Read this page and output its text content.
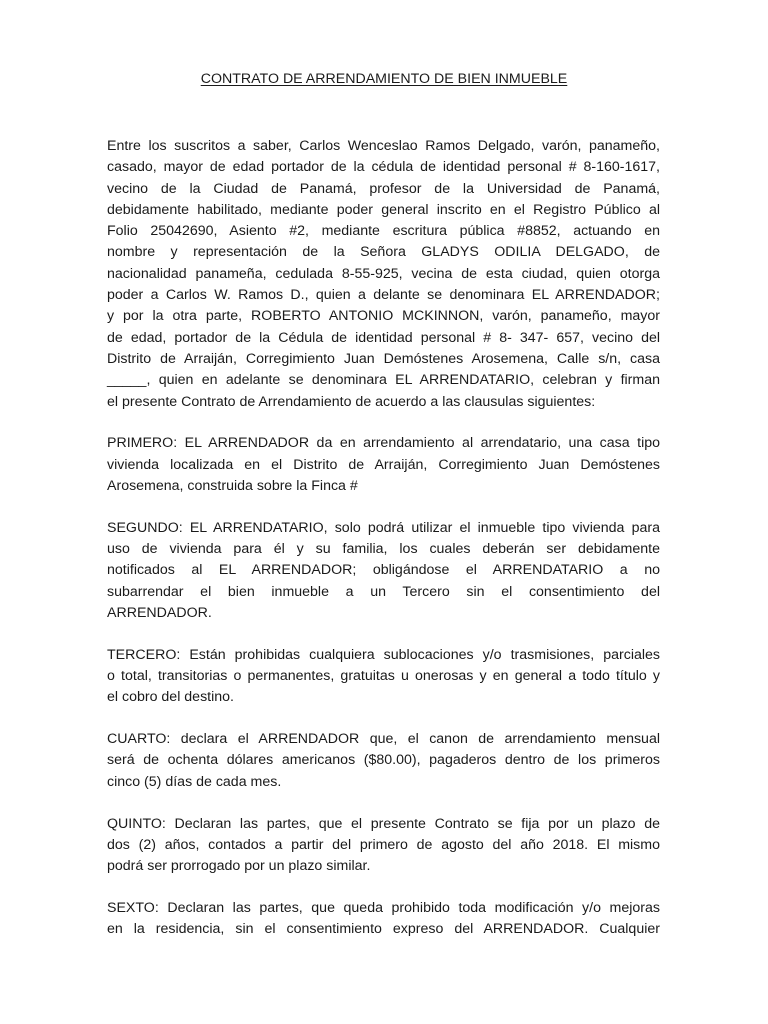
CONTRATO DE ARRENDAMIENTO DE BIEN INMUEBLE
Entre los suscritos a saber, Carlos Wenceslao Ramos Delgado, varón, panameño,
casado, mayor de edad portador de la cédula de identidad personal # 8-160-1617,
vecino de la Ciudad de Panamá, profesor de la Universidad de Panamá,
debidamente habilitado, mediante poder general inscrito en el Registro Público al
Folio 25042690, Asiento #2, mediante escritura pública #8852, actuando en
nombre y representación de la Señora GLADYS ODILIA DELGADO, de
nacionalidad panameña, cedulada 8-55-925, vecina de esta ciudad, quien otorga
poder a Carlos W. Ramos D., quien a delante se denominara EL ARRENDADOR;
y por la otra parte, ROBERTO ANTONIO MCKINNON, varón, panameño, mayor
de edad, portador de la Cédula de identidad personal # 8- 347- 657, vecino del
Distrito de Arraiján, Corregimiento Juan Demóstenes Arosemena, Calle s/n, casa
_____, quien en adelante se denominara EL ARRENDATARIO, celebran y firman
el presente Contrato de Arrendamiento de acuerdo a las clausulas siguientes:
PRIMERO: EL ARRENDADOR da en arrendamiento al arrendatario, una casa tipo
vivienda localizada en el Distrito de Arraiján, Corregimiento Juan Demóstenes
Arosemena, construida sobre la Finca #
SEGUNDO: EL ARRENDATARIO, solo podrá utilizar el inmueble tipo vivienda para
uso de vivienda para él y su familia, los cuales deberán ser debidamente
notificados al EL ARRENDADOR; obligándose el ARRENDATARIO a no
subarrendar el bien inmueble a un Tercero sin el consentimiento del
ARRENDADOR.
TERCERO: Están prohibidas cualquiera sublocaciones y/o trasmisiones, parciales
o total, transitorias o permanentes, gratuitas u onerosas y en general a todo título y
el cobro del destino.
CUARTO: declara el ARRENDADOR que, el canon de arrendamiento mensual
será de ochenta dólares americanos ($80.00), pagaderos dentro de los primeros
cinco (5) días de cada mes.
QUINTO: Declaran las partes, que el presente Contrato se fija por un plazo de
dos (2) años, contados a partir del primero de agosto del año 2018. El mismo
podrá ser prorrogado por un plazo similar.
SEXTO: Declaran las partes, que queda prohibido toda modificación y/o mejoras
en la residencia, sin el consentimiento expreso del ARRENDADOR. Cualquier
